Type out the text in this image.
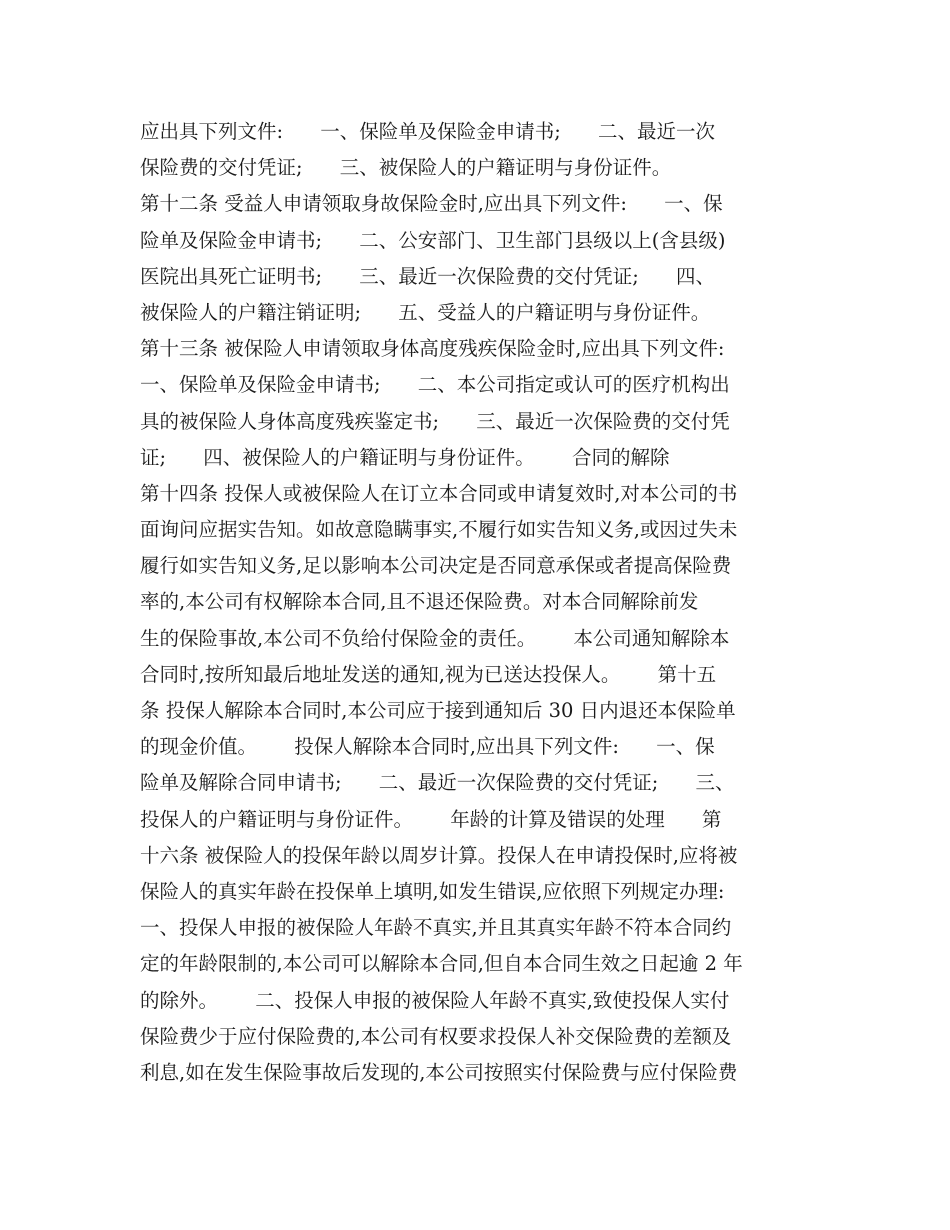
应出具下列文件:      一、保险单及保险金申请书;      二、最近一次
保险费的交付凭证;      三、被保险人的户籍证明与身份证件。
第十二条 受益人申请领取身故保险金时,应出具下列文件:      一、保
险单及保险金申请书;      二、公安部门、卫生部门县级以上(含县级)
医院出具死亡证明书;      三、最近一次保险费的交付凭证;      四、
被保险人的户籍注销证明;      五、受益人的户籍证明与身份证件。
第十三条 被保险人申请领取身体高度残疾保险金时,应出具下列文件:
一、保险单及保险金申请书;      二、本公司指定或认可的医疗机构出
具的被保险人身体高度残疾鉴定书;      三、最近一次保险费的交付凭
证;      四、被保险人的户籍证明与身份证件。      合同的解除
第十四条 投保人或被保险人在订立本合同或申请复效时,对本公司的书
面询问应据实告知。如故意隐瞒事实,不履行如实告知义务,或因过失未
履行如实告知义务,足以影响本公司决定是否同意承保或者提高保险费
率的,本公司有权解除本合同,且不退还保险费。对本合同解除前发
生的保险事故,本公司不负给付保险金的责任。      本公司通知解除本
合同时,按所知最后地址发送的通知,视为已送达投保人。      第十五
条 投保人解除本合同时,本公司应于接到通知后 30 日内退还本保险单
的现金价值。      投保人解除本合同时,应出具下列文件:      一、保
险单及解除合同申请书;      二、最近一次保险费的交付凭证;      三、
投保人的户籍证明与身份证件。      年龄的计算及错误的处理      第
十六条 被保险人的投保年龄以周岁计算。投保人在申请投保时,应将被
保险人的真实年龄在投保单上填明,如发生错误,应依照下列规定办理:
一、投保人申报的被保险人年龄不真实,并且其真实年龄不符本合同约
定的年龄限制的,本公司可以解除本合同,但自本合同生效之日起逾 2 年
的除外。      二、投保人申报的被保险人年龄不真实,致使投保人实付
保险费少于应付保险费的,本公司有权要求投保人补交保险费的差额及
利息,如在发生保险事故后发现的,本公司按照实付保险费与应付保险费
